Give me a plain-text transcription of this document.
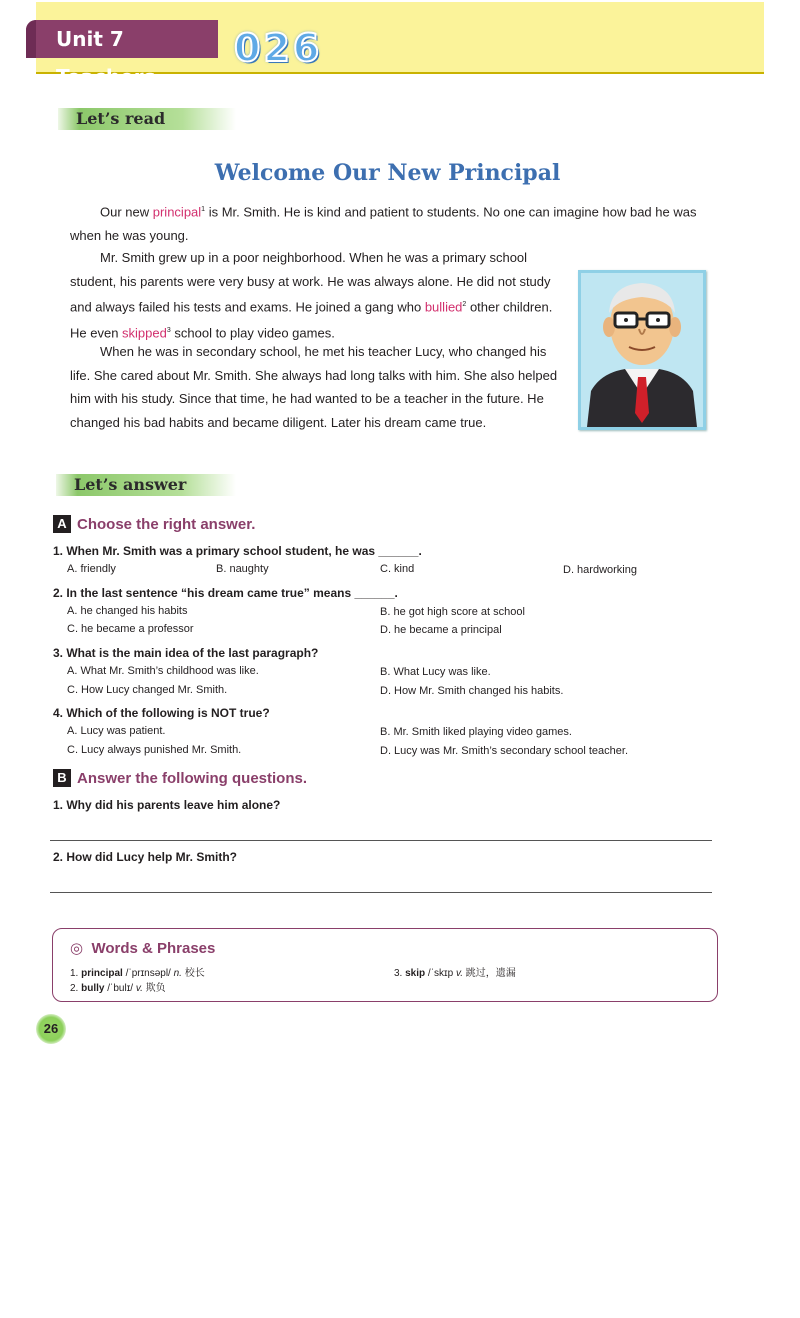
Unit 7 Teachers
026
Let’s read
Welcome Our New Principal
Our new principal$^1$ is Mr. Smith. He is kind and patient to students. No one can imagine how bad he was when he was young.
Mr. Smith grew up in a poor neighborhood. When he was a primary school student, his parents were very busy at work. He was always alone. He did not study and always failed his tests and exams. He joined a gang who bullied$^2$ other children. He even skipped$^3$ school to play video games.
When he was in secondary school, he met his teacher Lucy, who changed his life. She cared about Mr. Smith. She always had long talks with him. She also helped him with his study. Since that time, he had wanted to be a teacher in the future. He changed his bad habits and became diligent. Later his dream came true.
Let’s answer
A Choose the right answer.
1. When Mr. Smith was a primary school student, he was ______.
A. friendly	B. naughty	C. kind	D. hardworking
2. In the last sentence “his dream came true” means ______.
A. he changed his habits	B. he got high score at school
C. he became a professor	D. he became a principal
3. What is the main idea of the last paragraph?
A. What Mr. Smith’s childhood was like.	B. What Lucy was like.
C. How Lucy changed Mr. Smith.	D. How Mr. Smith changed his habits.
4. Which of the following is NOT true?
A. Lucy was patient.	B. Mr. Smith liked playing video games.
C. Lucy always punished Mr. Smith.	D. Lucy was Mr. Smith’s secondary school teacher.
B Answer the following questions.
1. Why did his parents leave him alone?
2. How did Lucy help Mr. Smith?
◎ Words & Phrases
1. principal /ˈprɪnsəpl/ n. 校长
2. bully /ˈbulɪ/ v. 欺负
3. skip /ˈskɪp v. 跳过，遗漏
26
